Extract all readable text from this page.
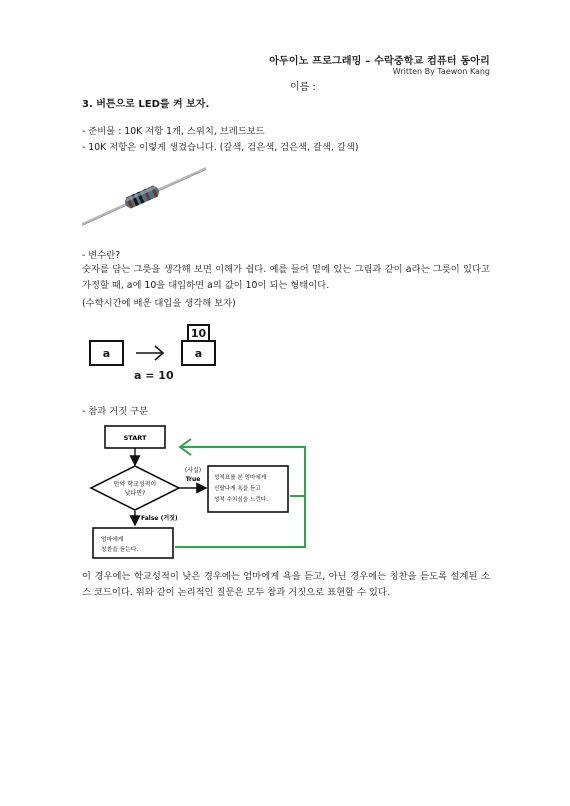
아두이노 프로그래밍 – 수락중학교 컴퓨터 동아리
Written By Taewon Kang
이름 :
3. 버튼으로 LED를 켜 보자.
- 준비물 : 10K 저항 1개, 스위치, 브레드보드
- 10K 저항은 이렇게 생겼습니다. (갈색, 검은색, 검은색, 갈색, 갈색)
- 변수란?
숫자를 담는 그릇을 생각해 보면 이해가 쉽다. 예를 들어 밑에 있는 그림과 같이 a라는 그릇이 있다고 가정할 때, a에 10을 대입하면 a의 값이 10이 되는 형태이다.
(수학시간에 배운 대입을 생각해 보자)
a
10
a
a = 10
- 참과 거짓 구분
START
만약 학교성적이
낮다면?
(사실)
True 성적표를 본 엄마에게
신랄나게 욕을 듣고
성적 수치심을 느낀다.
False (거짓)
엄마에게
칭찬을 듣는다.
이 경우에는 학교성적이 낮은 경우에는 엄마에게 욕을 듣고, 아닌 경우에는 칭찬을 듣도록 설계된 소스 코드이다. 위와 같이 논리적인 질문은 모두 참과 거짓으로 표현할 수 있다.
